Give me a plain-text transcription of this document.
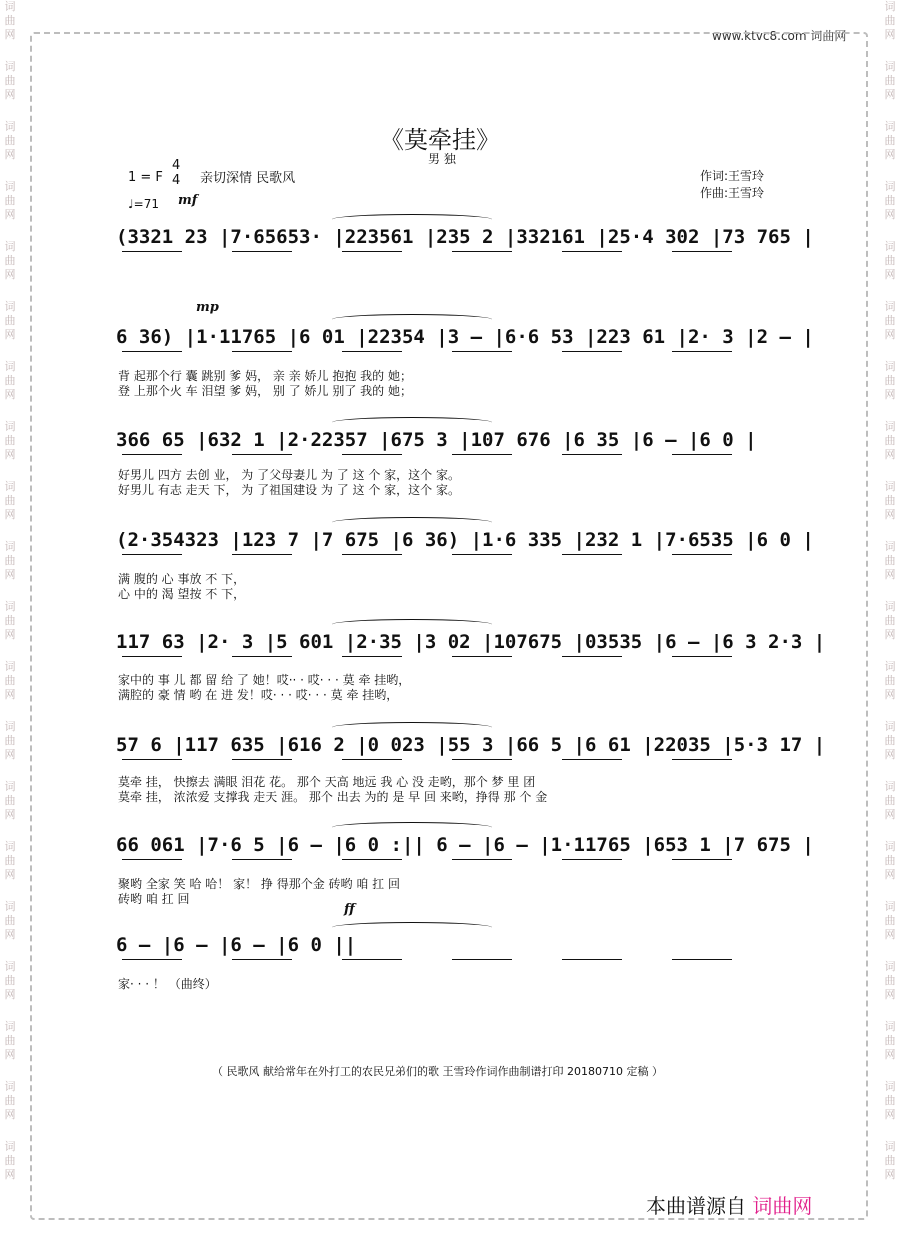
词
曲
网
词
曲
网
词
曲
网
词
曲
网
词
曲
网
词
曲
网
词
曲
网
词
曲
网
词
曲
网
词
曲
网
词
曲
网
词
曲
网
词
曲
网
词
曲
网
词
曲
网
词
曲
网
词
曲
网
词
曲
网
词
曲
网
词
曲
网
词
曲
网
词
曲
网
词
曲
网
词
曲
网
词
曲
网
词
曲
网
词
曲
网
词
曲
网
词
曲
网
词
曲
网
词
曲
网
词
曲
网
词
曲
网
词
曲
网
词
曲
网
词
曲
网
词
曲
网
词
曲
网
词
曲
网
词
曲
网
www.ktvc8.com 词曲网
《莫牵挂》
男 独
1 = F
4
4 亲切深情 民歌风
♩=71 mf
mp
ff
作词:王雪玲
作曲:王雪玲
(3321 23 |7·65653· |223561 |235 2 |332161 |25·4 302 |73 765 |
6 36) |1·11765 |6 01 |22354 |3 – |6·6 53 |223 61 |2· 3 |2 – |
366 65 |632 1 |2·22357 |675 3 |107 676 |6 35 |6 – |6 0 |
(2·354323 |123 7 |7 675 |6 36) |1·6 335 |232 1 |7·6535 |6 0 |
117 63 |2· 3 |5 601 |2·35 |3 02 |107675 |03535 |6 – |6 3 2·3 |
57 6 |117 635 |616 2 |0 023 |55 3 |66 5 |6 61 |22035 |5·3 17 |
66 061 |7·6 5 |6 – |6 0 :|| 6 – |6 – |1·11765 |653 1 |7 675 |
6 – |6 – |6 – |6 0 ||
背 起那个行 囊 跳别 爹 妈， 亲 亲 娇儿 抱抱 我的 她；
登 上那个火 车 泪望 爹 妈， 别 了 娇儿 别了 我的 她；
好男儿 四方 去创 业， 为 了父母妻儿 为 了 这 个 家，这个 家。
好男儿 有志 走天 下， 为 了祖国建设 为 了 这 个 家，这个 家。
满 腹的 心 事放 不 下，
心 中的 渴 望按 不 下，
家中的 事 儿 都 留 给 了 她！哎·· · 哎· · · 莫 牵 挂哟，
满腔的 豪 情 哟 在 进 发！哎· · · 哎· · · 莫 牵 挂哟，
莫牵 挂， 快擦去 满眼 泪花 花。 那个 天高 地远 我 心 没 走哟，那个 梦 里 团
莫牵 挂， 浓浓爱 支撑我 走天 涯。 那个 出去 为的 是 早 回 来哟，挣得 那 个 金
聚哟 全家 笑 哈 哈！ 家！ 挣 得那个金 砖哟 咱 扛 回
砖哟 咱 扛 回
家· · · ！ （曲终）
（ 民歌风 献给常年在外打工的农民兄弟们的歌 王雪玲作词作曲制谱打印 20180710 定稿 ）
本曲谱源自 词曲网
